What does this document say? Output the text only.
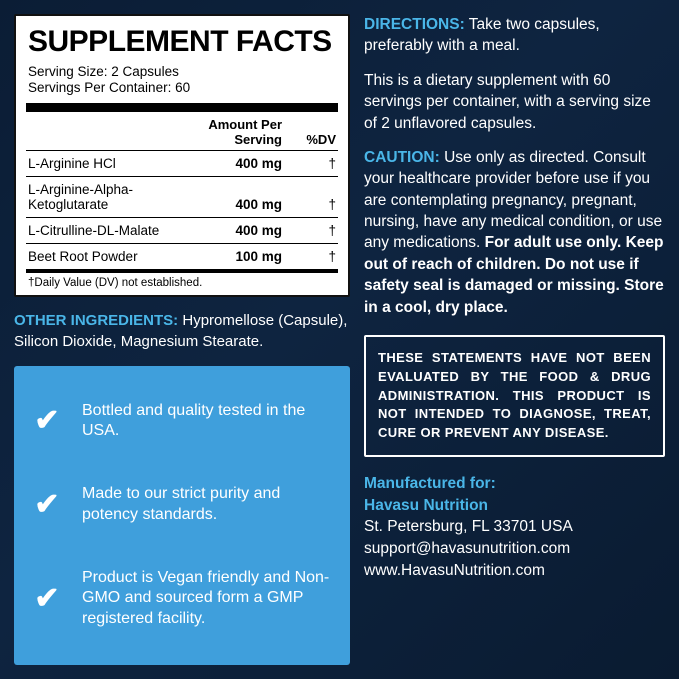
SUPPLEMENT FACTS
Serving Size: 2 Capsules
Servings Per Container: 60
	Amount Per Serving	%DV
L-Arginine HCl	400 mg	†
L-Arginine-Alpha-Ketoglutarate	400 mg	†
L-Citrulline-DL-Malate	400 mg	†
Beet Root Powder	100 mg	†
†Daily Value (DV) not established.
OTHER INGREDIENTS: Hypromellose (Capsule), Silicon Dioxide, Magnesium Stearate.
✔	Bottled and quality tested in the USA.
✔	Made to our strict purity and potency standards.
✔
Product is Vegan friendly and Non-GMO and sourced form a GMP registered facility.
DIRECTIONS: Take two capsules, preferably with a meal.
This is a dietary supplement with 60 servings per container, with a serving size of 2 unflavored capsules.
CAUTION: Use only as directed. Consult your healthcare provider before use if you are contemplating pregnancy, pregnant, nursing, have any medical condition, or use any medications. For adult use only. Keep out of reach of children. Do not use if safety seal is damaged or missing. Store in a cool, dry place.
THESE STATEMENTS HAVE NOT BEEN EVALUATED BY THE FOOD & DRUG ADMINISTRATION. THIS PRODUCT IS NOT INTENDED TO DIAGNOSE, TREAT, CURE OR PREVENT ANY DISEASE.
Manufactured for:
Havasu Nutrition
St. Petersburg, FL 33701 USA
support@havasunutrition.com
www.HavasuNutrition.com
